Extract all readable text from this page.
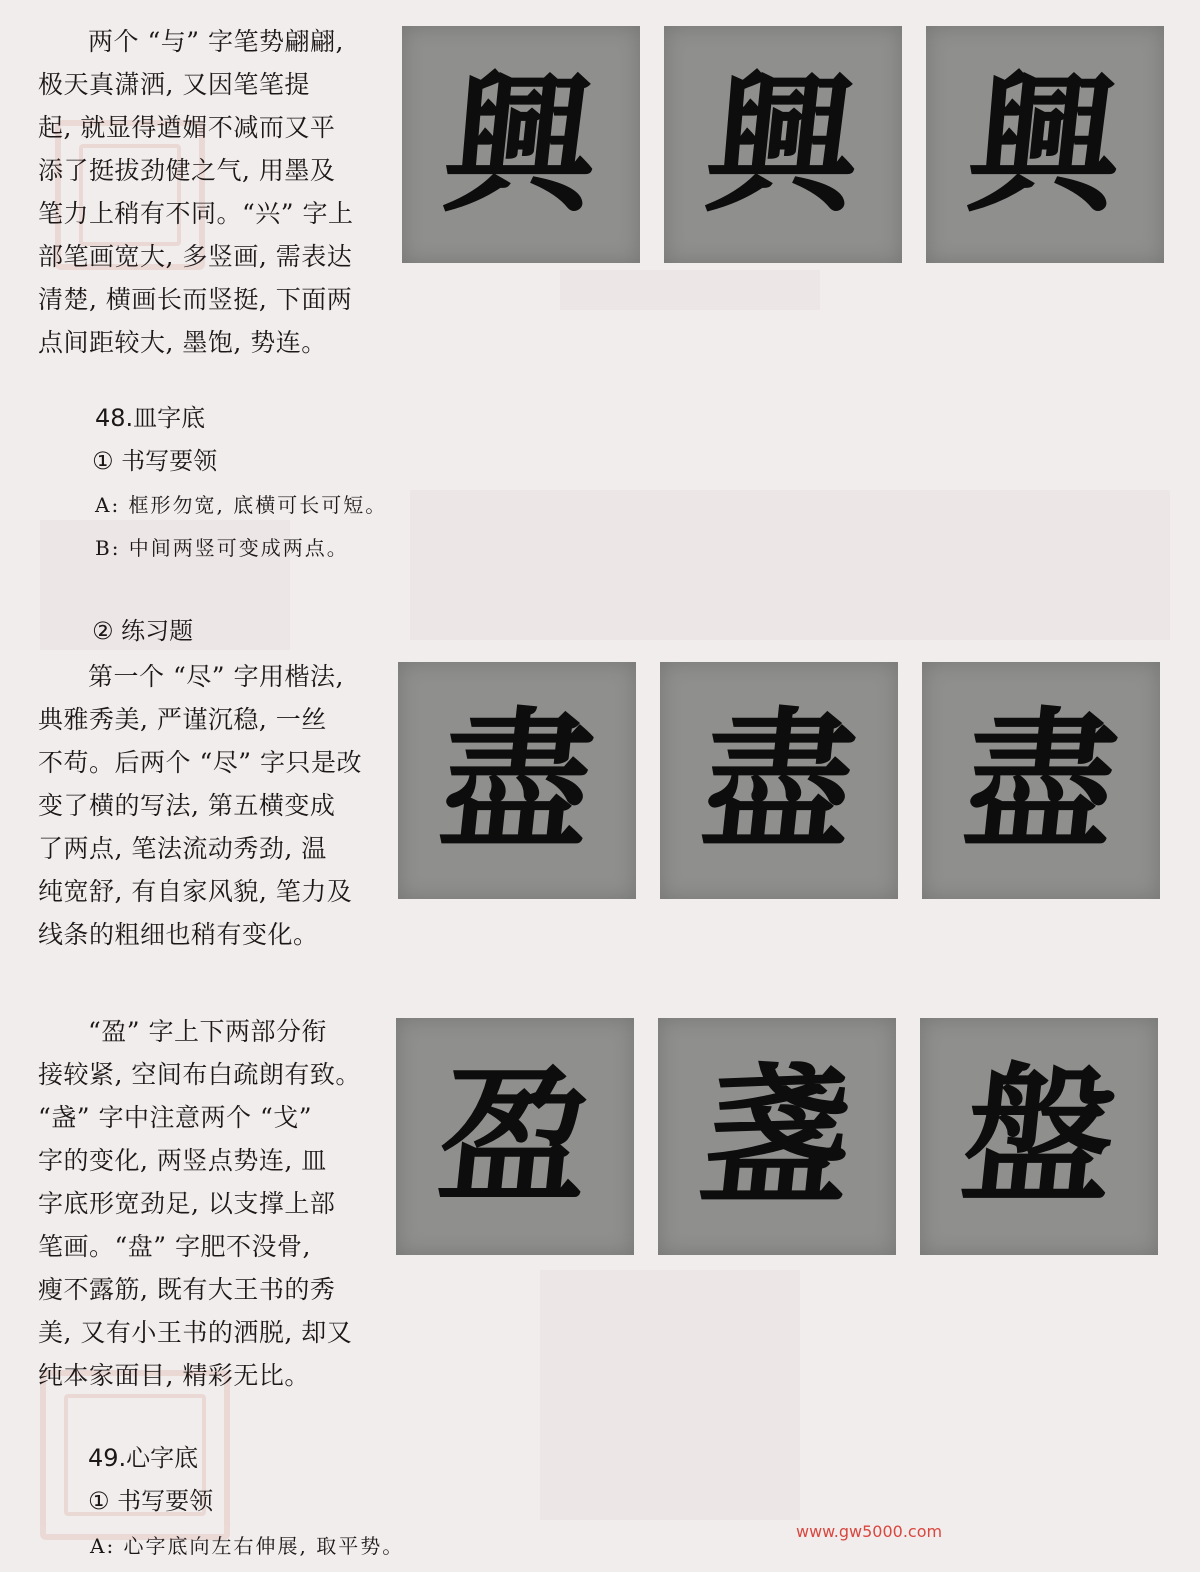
两个 “与” 字笔势翩翩,
极天真潇洒, 又因笔笔提
起, 就显得遒媚不减而又平
添了挺拔劲健之气, 用墨及
笔力上稍有不同。“兴” 字上
部笔画宽大, 多竖画, 需表达
清楚, 横画长而竖挺, 下面两
点间距较大, 墨饱, 势连。
興 興 興
48.皿字底
① 书写要领
A: 框形勿宽, 底横可长可短。
B: 中间两竖可变成两点。
② 练习题
第一个 “尽” 字用楷法,
典雅秀美, 严谨沉稳, 一丝
不苟。后两个 “尽” 字只是改
变了横的写法, 第五横变成
了两点, 笔法流动秀劲, 温
纯宽舒, 有自家风貌, 笔力及
线条的粗细也稍有变化。
盡 盡 盡
“盈” 字上下两部分衔
接较紧, 空间布白疏朗有致。
“盏” 字中注意两个 “戈”
字的变化, 两竖点势连, 皿
字底形宽劲足, 以支撑上部
笔画。“盘” 字肥不没骨,
瘦不露筋, 既有大王书的秀
美, 又有小王书的洒脱, 却又
纯本家面目, 精彩无比。
盈 盞 盤
49.心字底
① 书写要领
A: 心字底向左右伸展, 取平势。
www.gw5000.com
